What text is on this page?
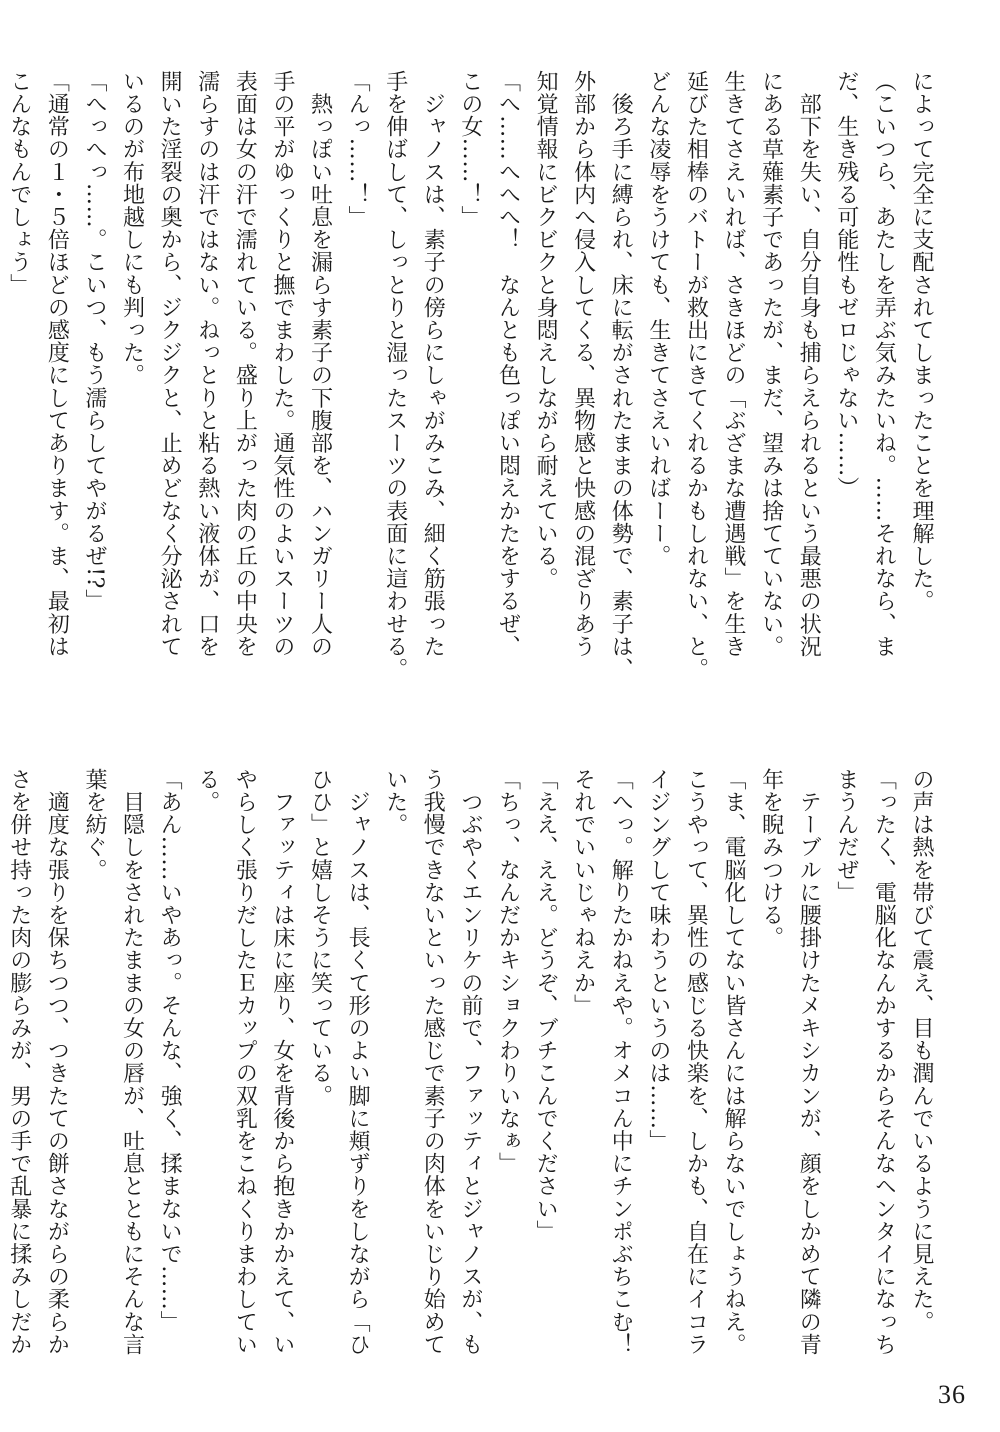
によって完全に支配されてしまったことを理解した。
（こいつら、あたしを弄ぶ気みたいね。……それなら、ま
だ、生き残る可能性もゼロじゃない……）
　部下を失い、自分自身も捕らえられるという最悪の状況
にある草薙素子であったが、まだ、望みは捨てていない。
生きてさえいれば、さきほどの「ぶざまな遭遇戦」を生き
延びた相棒のバトーが救出にきてくれるかもしれない、と。
どんな凌辱をうけても、生きてさえいればーー。
　後ろ手に縛られ、床に転がされたままの体勢で、素子は、
外部から体内へ侵入してくる、異物感と快感の混ざりあう
知覚情報にビクビクと身悶えしながら耐えている。
「へ……へへへ！　なんとも色っぽい悶えかたをするぜ、
この女……！」
　ジャノスは、素子の傍らにしゃがみこみ、細く筋張った
手を伸ばして、しっとりと湿ったスーツの表面に這わせる。
「んっ……！」
　熱っぽい吐息を漏らす素子の下腹部を、ハンガリー人の
手の平がゆっくりと撫でまわした。通気性のよいスーツの
表面は女の汗で濡れている。盛り上がった肉の丘の中央を
濡らすのは汗ではない。ねっとりと粘る熱い液体が、口を
開いた淫裂の奥から、ジクジクと、止めどなく分泌されて
いるのが布地越しにも判った。
「へっへっ……。こいつ、もう濡らしてやがるぜ!?」
「通常の１・５倍ほどの感度にしてあります。ま、最初は
こんなもんでしょう」
の声は熱を帯びて震え、目も潤んでいるように見えた。
「ったく、電脳化なんかするからそんなヘンタイになっち
まうんだぜ」
　テーブルに腰掛けたメキシカンが、顔をしかめて隣の青
年を睨みつける。
「ま、電脳化してない皆さんには解らないでしょうねえ。
こうやって、異性の感じる快楽を、しかも、自在にイコラ
イジングして味わうというのは……」
「へっ。解りたかねえや。オメコん中にチンポぶちこむ！
それでいいじゃねえか」
「ええ、ええ。どうぞ、ブチこんでください」
「ちっ、なんだかキショクわりいなぁ」
　つぶやくエンリケの前で、ファッティとジャノスが、も
う我慢できないといった感じで素子の肉体をいじり始めて
いた。
　ジャノスは、長くて形のよい脚に頬ずりをしながら「ひ
ひひ」と嬉しそうに笑っている。
　ファッティは床に座り、女を背後から抱きかかえて、い
やらしく張りだしたＥカップの双乳をこねくりまわしてい
る。
「あん……いやあっ。そんな、強く、揉まないで……」
　目隠しをされたままの女の唇が、吐息とともにそんな言
葉を紡ぐ。
　適度な張りを保ちつつ、つきたての餅さながらの柔らか
さを併せ持った肉の膨らみが、男の手で乱暴に揉みしだか
36
